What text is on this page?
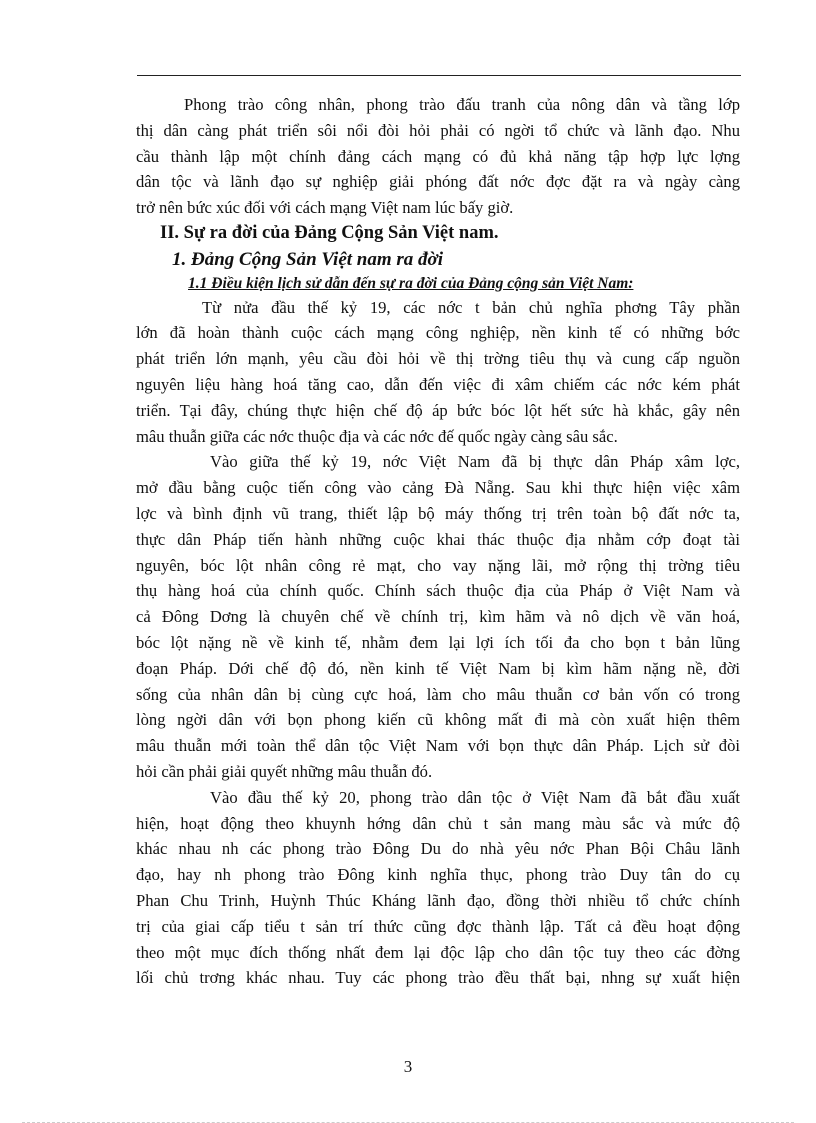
Phong trào công nhân, phong trào đấu tranh của nông dân và tầng lớp
thị dân càng phát triển sôi nổi đòi hỏi phải có ngời tổ chức và lãnh đạo. Nhu
cầu thành lập một chính đảng cách mạng có đủ khả năng tập hợp lực lợng
dân tộc và lãnh đạo sự nghiệp giải phóng đất nớc đợc đặt ra và ngày càng
trở nên bức xúc đối với cách mạng Việt nam lúc bấy giờ.
II. Sự ra đời của Đảng Cộng Sản Việt nam.
1. Đảng Cộng Sản Việt nam ra đời
1.1 Điều kiện lịch sử dẫn đến sự ra đời của Đảng cộng sản Việt Nam:
Từ nửa đầu thế kỷ 19, các nớc t bản chủ nghĩa phơng Tây phần
lớn đã hoàn thành cuộc cách mạng công nghiệp, nền kinh tế có những bớc
phát triển lớn mạnh, yêu cầu đòi hỏi về thị trờng tiêu thụ và cung cấp nguồn
nguyên liệu hàng hoá tăng cao, dẫn đến việc đi xâm chiếm các nớc kém phát
triển. Tại đây, chúng thực hiện chế độ áp bức bóc lột hết sức hà khắc, gây nên
mâu thuẫn giữa các nớc thuộc địa và các nớc đế quốc ngày càng sâu sắc.
Vào giữa thế kỷ 19, nớc Việt Nam đã bị thực dân Pháp xâm lợc,
mở đầu bằng cuộc tiến công vào cảng Đà Nẵng. Sau khi thực hiện việc xâm
lợc và bình định vũ trang, thiết lập bộ máy thống trị trên toàn bộ đất nớc ta,
thực dân Pháp tiến hành những cuộc khai thác thuộc địa nhằm cớp đoạt tài
nguyên, bóc lột nhân công rẻ mạt, cho vay nặng lãi, mở rộng thị trờng tiêu
thụ hàng hoá của chính quốc. Chính sách thuộc địa của Pháp ở Việt Nam và
cả Đông Dơng là chuyên chế về chính trị, kìm hãm và nô dịch về văn hoá,
bóc lột nặng nề về kinh tế, nhằm đem lại lợi ích tối đa cho bọn t bản lũng
đoạn Pháp. Dới chế độ đó, nền kinh tế Việt Nam bị kìm hãm nặng nề, đời
sống của nhân dân bị cùng cực hoá, làm cho mâu thuẫn cơ bản vốn có trong
lòng ngời dân với bọn phong kiến cũ không mất đi mà còn xuất hiện thêm
mâu thuẫn mới toàn thể dân tộc Việt Nam với bọn thực dân Pháp. Lịch sử đòi
hỏi cần phải giải quyết những mâu thuẫn đó.
Vào đầu thế kỷ 20, phong trào dân tộc ở Việt Nam đã bắt đầu xuất
hiện, hoạt động theo khuynh hớng dân chủ t sản mang màu sắc và mức độ
khác nhau nh các phong trào Đông Du do nhà yêu nớc Phan Bội Châu lãnh
đạo, hay nh phong trào Đông kinh nghĩa thục, phong trào Duy tân do cụ
Phan Chu Trinh, Huỳnh Thúc Kháng lãnh đạo, đồng thời nhiều tổ chức chính
trị của giai cấp tiểu t sản trí thức cũng đợc thành lập. Tất cả đều hoạt động
theo một mục đích thống nhất đem lại độc lập cho dân tộc tuy theo các đờng
lối chủ trơng khác nhau. Tuy các phong trào đều thất bại, nhng sự xuất hiện
3
